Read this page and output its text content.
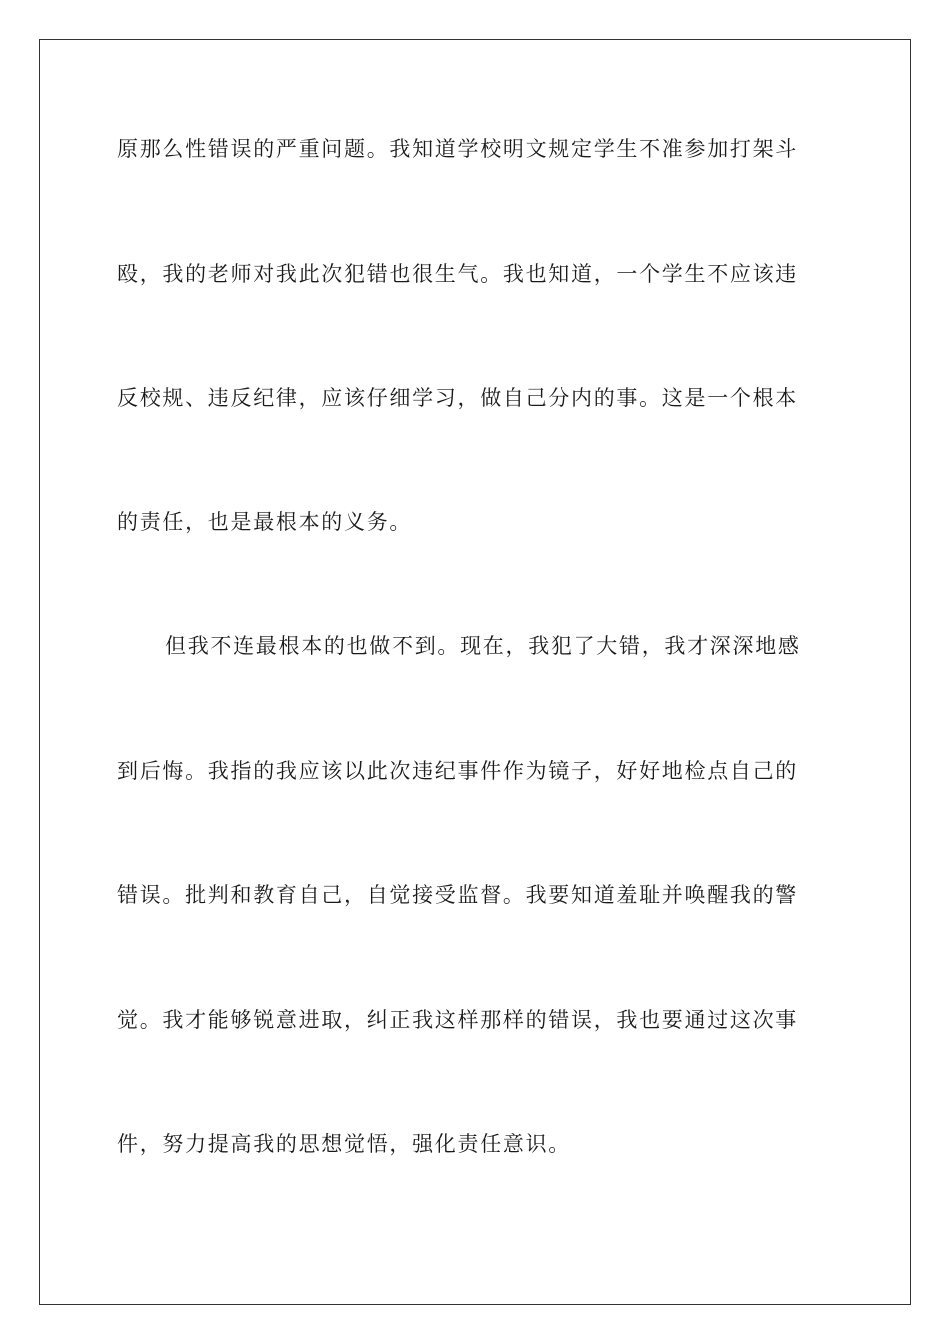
原那么性错误的严重问题。我知道学校明文规定学生不准参加打架斗
殴，我的老师对我此次犯错也很生气。我也知道，一个学生不应该违
反校规、违反纪律，应该仔细学习，做自己分内的事。这是一个根本
的责任，也是最根本的义务。
但我不连最根本的也做不到。现在，我犯了大错，我才深深地感
到后悔。我指的我应该以此次违纪事件作为镜子，好好地检点自己的
错误。批判和教育自己，自觉接受监督。我要知道羞耻并唤醒我的警
觉。我才能够锐意进取，纠正我这样那样的错误，我也要通过这次事
件，努力提高我的思想觉悟，强化责任意识。
